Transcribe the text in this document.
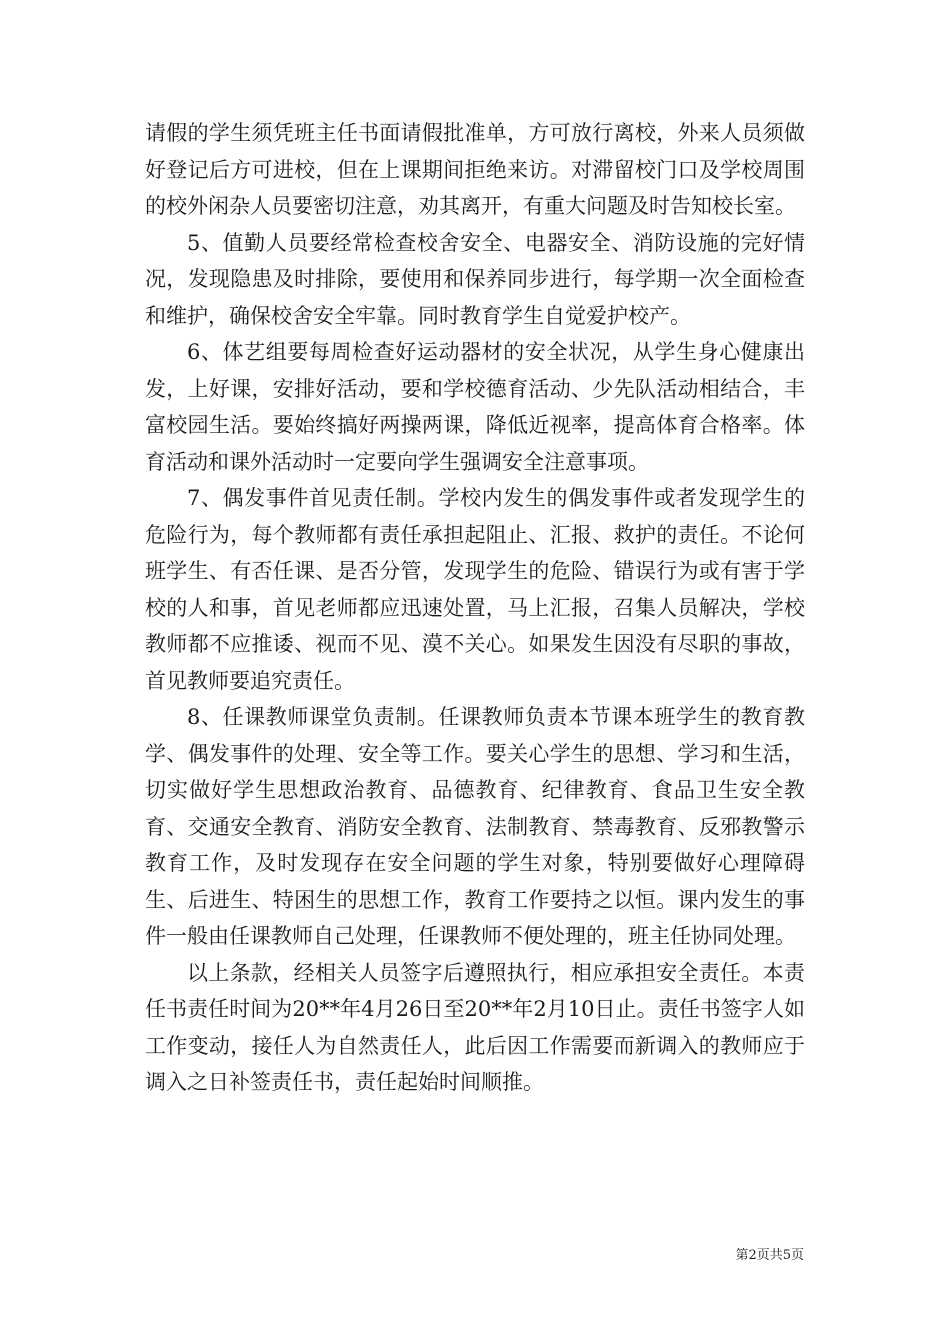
请假的学生须凭班主任书面请假批准单，方可放行离校，外来人员须做好登记后方可进校，但在上课期间拒绝来访。对滞留校门口及学校周围的校外闲杂人员要密切注意，劝其离开，有重大问题及时告知校长室。

5、值勤人员要经常检查校舍安全、电器安全、消防设施的完好情况，发现隐患及时排除，要使用和保养同步进行，每学期一次全面检查和维护，确保校舍安全牢靠。同时教育学生自觉爱护校产。

6、体艺组要每周检查好运动器材的安全状况，从学生身心健康出发，上好课，安排好活动，要和学校德育活动、少先队活动相结合，丰富校园生活。要始终搞好两操两课，降低近视率，提高体育合格率。体育活动和课外活动时一定要向学生强调安全注意事项。

7、偶发事件首见责任制。学校内发生的偶发事件或者发现学生的危险行为，每个教师都有责任承担起阻止、汇报、救护的责任。不论何班学生、有否任课、是否分管，发现学生的危险、错误行为或有害于学校的人和事，首见老师都应迅速处置，马上汇报，召集人员解决，学校教师都不应推诿、视而不见、漠不关心。如果发生因没有尽职的事故，首见教师要追究责任。

8、任课教师课堂负责制。任课教师负责本节课本班学生的教育教学、偶发事件的处理、安全等工作。要关心学生的思想、学习和生活，切实做好学生思想政治教育、品德教育、纪律教育、食品卫生安全教育、交通安全教育、消防安全教育、法制教育、禁毒教育、反邪教警示教育工作，及时发现存在安全问题的学生对象，特别要做好心理障碍生、后进生、特困生的思想工作，教育工作要持之以恒。课内发生的事件一般由任课教师自己处理，任课教师不便处理的，班主任协同处理。

以上条款，经相关人员签字后遵照执行，相应承担安全责任。本责任书责任时间为20**年4月26日至20**年2月10日止。责任书签字人如工作变动，接任人为自然责任人，此后因工作需要而新调入的教师应于调入之日补签责任书，责任起始时间顺推。

第2页共5页
